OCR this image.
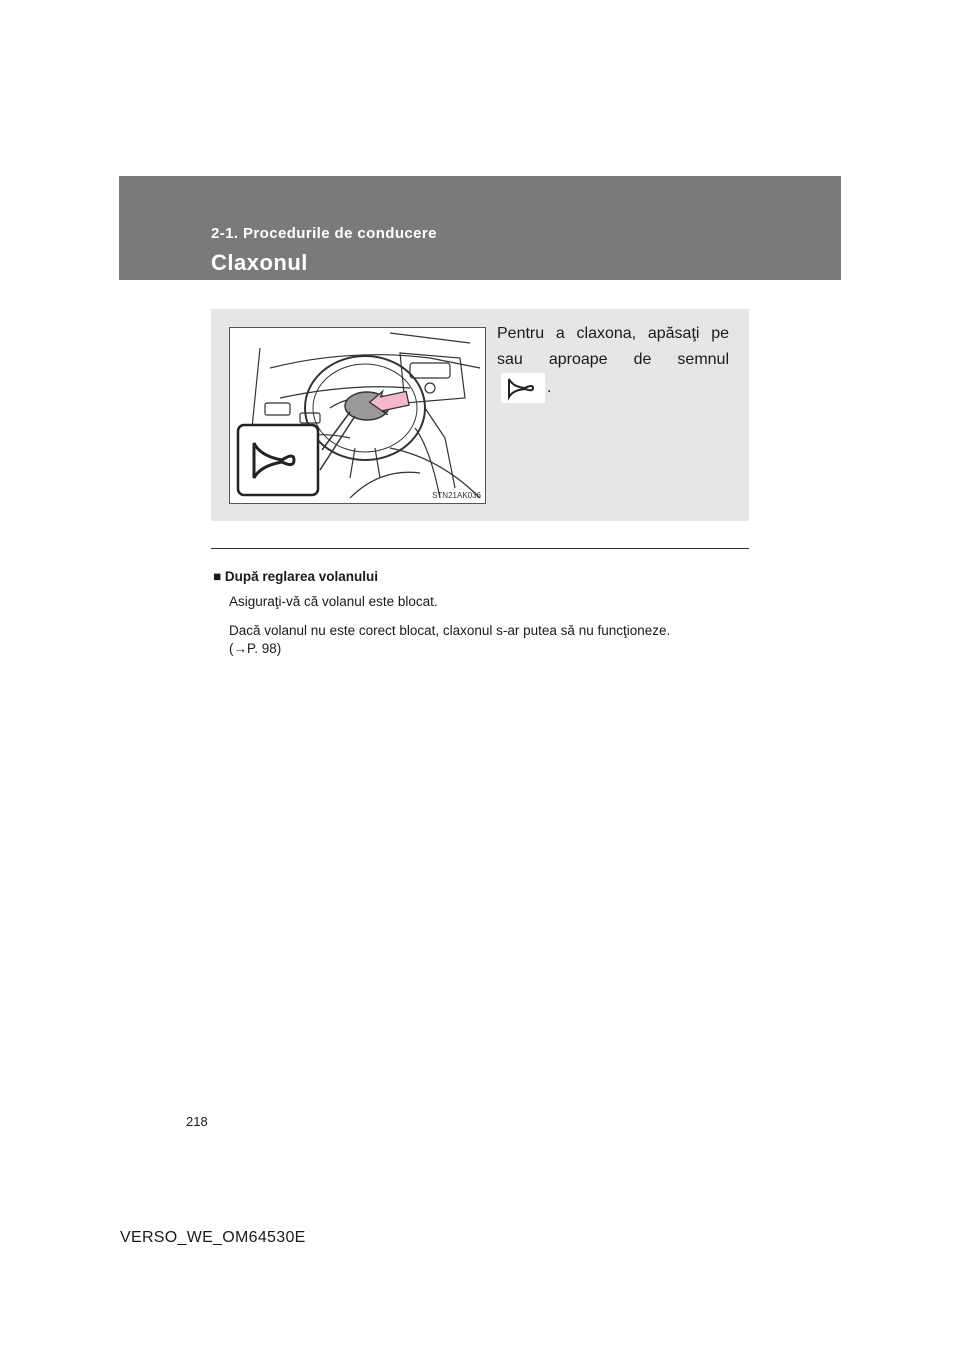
2-1. Procedurile de conducere
Claxonul
STN21AK036
Pentru a claxona, apăsaţi pe sau aproape de semnul
.
■ După reglarea volanului
Asiguraţi-vă că volanul este blocat.
Dacă volanul nu este corect blocat, claxonul s-ar putea să nu funcţioneze.
(→P. 98)
218
VERSO_WE_OM64530E
